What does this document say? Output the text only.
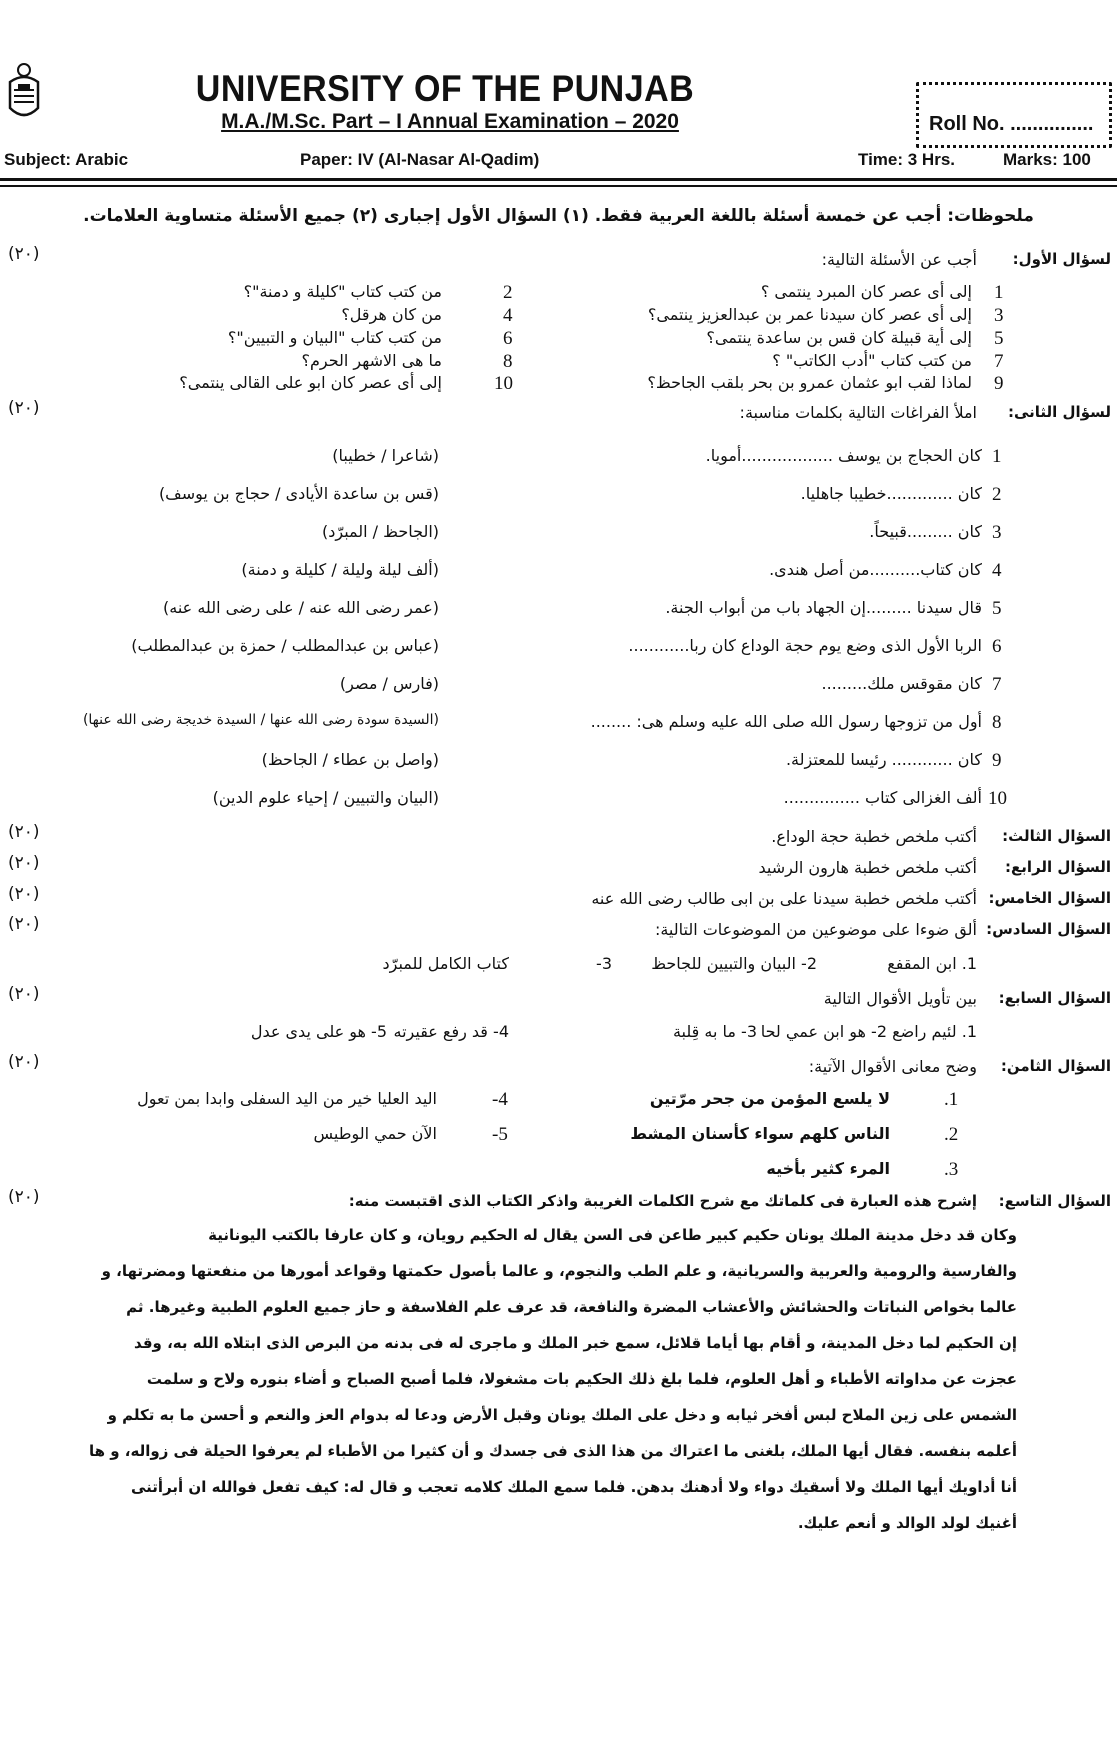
UNIVERSITY OF THE PUNJAB
M.A./M.Sc. Part – I Annual Examination – 2020	Roll No. ...............
Subject: Arabic	Paper: IV (Al-Nasar Al-Qadim)	Time: 3 Hrs.	Marks: 100
ملحوظات: أجب عن خمسة أسئلة باللغة العربية فقط. (١) السؤال الأول إجبارى (٢) جميع الأسئلة متساوية العلامات.
(٢٠)	لسؤال الأول:
أجب عن الأسئلة التالية:
1
إلى أى عصر كان المبرد ينتمى ؟
2
من كتب كتاب "كليلة و دمنة"؟
3
إلى أى عصر كان سيدنا عمر بن عبدالعزيز ينتمى؟
4
من كان هرقل؟
5
إلى أية قبيلة كان قس بن ساعدة ينتمى؟
6
من كتب كتاب "البيان و التبيين"؟
7
من كتب كتاب "أدب الكاتب" ؟
8
ما هى الاشهر الحرم؟
9
لماذا لقب ابو عثمان عمرو بن بحر بلقب الجاحظ؟
10
إلى أى عصر كان ابو على القالى ينتمى؟
(٢٠)	لسؤال الثانى:
املأ الفراغات التالية بكلمات مناسبة:
1
كان الحجاج بن يوسف ..................أمويا.
(شاعرا / خطيبا)
2
كان .............خطيبا جاهليا.
(قس بن ساعدة الأيادى / حجاج بن يوسف)
3
كان .........قبيحاً.
(الجاحظ / المبرّد)
4
كان كتاب..........من أصل هندى.
(ألف ليلة وليلة / كليلة و دمنة)
5
قال سيدنا .........إن الجهاد باب من أبواب الجنة.
(عمر رضى الله عنه / على رضى الله عنه)
6
الربا الأول الذى وضع يوم حجة الوداع كان ربا............
(عباس بن عبدالمطلب / حمزة بن عبدالمطلب)
7
كان مقوقس ملك.........
(فارس / مصر)
8
أول من تزوجها رسول الله صلى الله عليه وسلم هى: ........
(السيدة سودة رضى الله عنها / السيدة خديجة رضى الله عنها)
9
كان ............ رئيسا للمعتزلة.
(واصل بن عطاء / الجاحظ)
10
ألف الغزالى كتاب ...............
(البيان والتبيين / إحياء علوم الدين)
(٢٠)	السؤال الثالث:
أكتب ملخص خطبة حجة الوداع.
(٢٠)	السؤال الرابع:
أكتب ملخص خطبة هارون الرشيد
(٢٠)	السؤال الخامس:
أكتب ملخص خطبة سيدنا على بن ابى طالب رضى الله عنه
(٢٠)	السؤال السادس:
ألق ضوءا على موضوعين من الموضوعات التالية:
1. ابن المقفع
2- البيان والتبيين للجاحظ
3-
كتاب الكامل للمبرّد
(٢٠)	السؤال السابع:
بين تأويل الأقوال التالية
1. لئيم راضع
2- هو ابن عمي لحا
3- ما به قِلبة
4- قد رفع عقيرته
5- هو على يدى عدل
(٢٠)	السؤال الثامن:
وضح معانى الأقوال الآتية:
.1
لا يلسع المؤمن من جحر مرّتين
.2
الناس كلهم سواء كأسنان المشط
.3
المرء كثير بأخيه
-4
اليد العليا خير من اليد السفلى وابدا بمن تعول
-5
الآن حمي الوطيس
(٢٠)	السؤال التاسع:
إشرح هذه العبارة فى كلماتك مع شرح الكلمات الغريبة واذكر الكتاب الذى اقتبست منه:
وكان قد دخل مدينة الملك يونان حكيم كبير طاعن فى السن يقال له الحكيم رويان، و كان عارفا بالكتب اليونانية
والفارسية والرومية والعربية والسريانية، و علم الطب والنجوم، و عالما بأصول حكمتها وقواعد أمورها من منفعتها ومضرتها، و
عالما بخواص النباتات والحشائش والأعشاب المضرة والنافعة، قد عرف علم الفلاسفة و حاز جميع العلوم الطبية وغيرها. ثم
إن الحكيم لما دخل المدينة، و أقام بها أياما قلائل، سمع خبر الملك و ماجرى له فى بدنه من البرص الذى ابتلاه الله به، وقد
عجزت عن مداواته الأطباء و أهل العلوم، فلما بلغ ذلك الحكيم بات مشغولا، فلما أصبح الصباح و أضاء بنوره ولاح و سلمت
الشمس على زين الملاح لبس أفخر ثيابه و دخل على الملك يونان وقبل الأرض ودعا له بدوام العز والنعم و أحسن ما به تكلم و
أعلمه بنفسه. فقال أيها الملك، بلغنى ما اعتراك من هذا الذى فى جسدك و أن كثيرا من الأطباء لم يعرفوا الحيلة فى زواله، و ها
أنا أداويك أيها الملك ولا أسقيك دواء ولا أدهنك بدهن. فلما سمع الملك كلامه تعجب و قال له: كيف تفعل فوالله ان أبرأتنى
أغنيك لولد الوالد و أنعم عليك.
